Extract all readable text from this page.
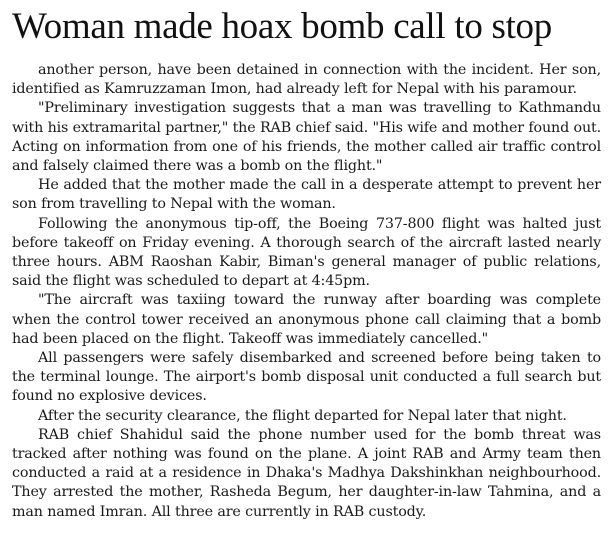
Woman made hoax bomb call to stop

another person, have been detained in connection with the incident. Her son, identified as Kamruzzaman Imon, had already left for Nepal with his paramour.

"Preliminary investigation suggests that a man was travelling to Kathmandu with his extramarital partner," the RAB chief said. "His wife and mother found out. Acting on information from one of his friends, the mother called air traffic control and falsely claimed there was a bomb on the flight."

He added that the mother made the call in a desperate attempt to prevent her son from travelling to Nepal with the woman.

Following the anonymous tip-off, the Boeing 737-800 flight was halted just before takeoff on Friday evening. A thorough search of the aircraft lasted nearly three hours. ABM Raoshan Kabir, Biman's general manager of public relations, said the flight was scheduled to depart at 4:45pm.

"The aircraft was taxiing toward the runway after boarding was complete when the control tower received an anonymous phone call claiming that a bomb had been placed on the flight. Takeoff was immediately cancelled."

All passengers were safely disembarked and screened before being taken to the terminal lounge. The airport's bomb disposal unit conducted a full search but found no explosive devices.

After the security clearance, the flight departed for Nepal later that night.

RAB chief Shahidul said the phone number used for the bomb threat was tracked after nothing was found on the plane. A joint RAB and Army team then conducted a raid at a residence in Dhaka's Madhya Dakshinkhan neighbourhood. They arrested the mother, Rasheda Begum, her daughter-in-law Tahmina, and a man named Imran. All three are currently in RAB custody.
